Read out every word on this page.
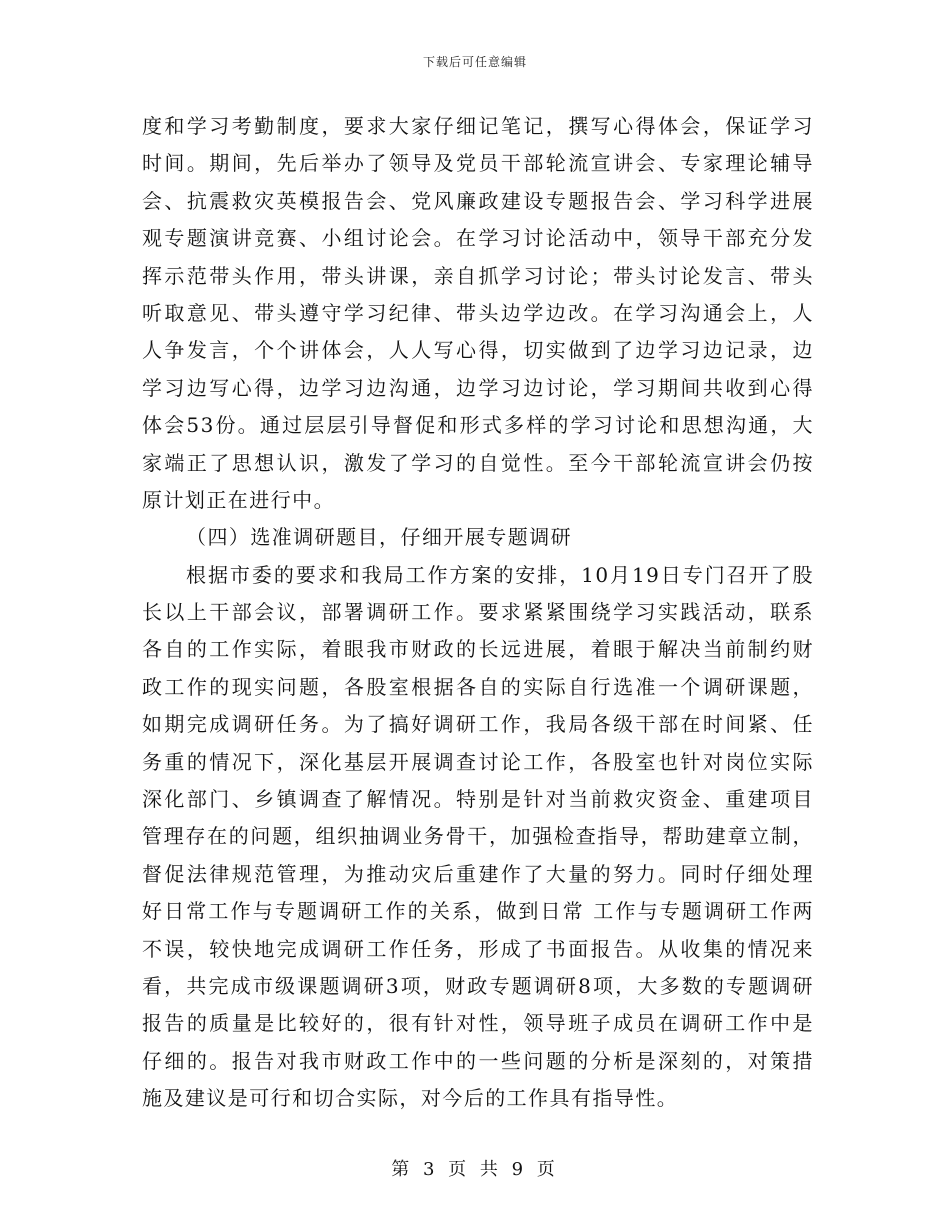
下载后可任意编辑
度和学习考勤制度，要求大家仔细记笔记，撰写心得体会，保证学习
时间。期间，先后举办了领导及党员干部轮流宣讲会、专家理论辅导
会、抗震救灾英模报告会、党风廉政建设专题报告会、学习科学进展
观专题演讲竞赛、小组讨论会。在学习讨论活动中，领导干部充分发
挥示范带头作用，带头讲课，亲自抓学习讨论；带头讨论发言、带头
听取意见、带头遵守学习纪律、带头边学边改。在学习沟通会上，人
人争发言，个个讲体会，人人写心得，切实做到了边学习边记录，边
学习边写心得，边学习边沟通，边学习边讨论，学习期间共收到心得
体会53份。通过层层引导督促和形式多样的学习讨论和思想沟通，大
家端正了思想认识，激发了学习的自觉性。至今干部轮流宣讲会仍按
原计划正在进行中。
（四）选准调研题目，仔细开展专题调研
根据市委的要求和我局工作方案的安排，10月19日专门召开了股
长以上干部会议，部署调研工作。要求紧紧围绕学习实践活动，联系
各自的工作实际，着眼我市财政的长远进展，着眼于解决当前制约财
政工作的现实问题，各股室根据各自的实际自行选准一个调研课题，
如期完成调研任务。为了搞好调研工作，我局各级干部在时间紧、任
务重的情况下，深化基层开展调查讨论工作，各股室也针对岗位实际
深化部门、乡镇调查了解情况。特别是针对当前救灾资金、重建项目
管理存在的问题，组织抽调业务骨干，加强检查指导，帮助建章立制，
督促法律规范管理，为推动灾后重建作了大量的努力。同时仔细处理
好日常工作与专题调研工作的关系，做到日常 工作与专题调研工作两
不误，较快地完成调研工作任务，形成了书面报告。从收集的情况来
看，共完成市级课题调研3项，财政专题调研8项，大多数的专题调研
报告的质量是比较好的，很有针对性，领导班子成员在调研工作中是
仔细的。报告对我市财政工作中的一些问题的分析是深刻的，对策措
施及建议是可行和切合实际，对今后的工作具有指导性。
第 3 页 共 9 页
